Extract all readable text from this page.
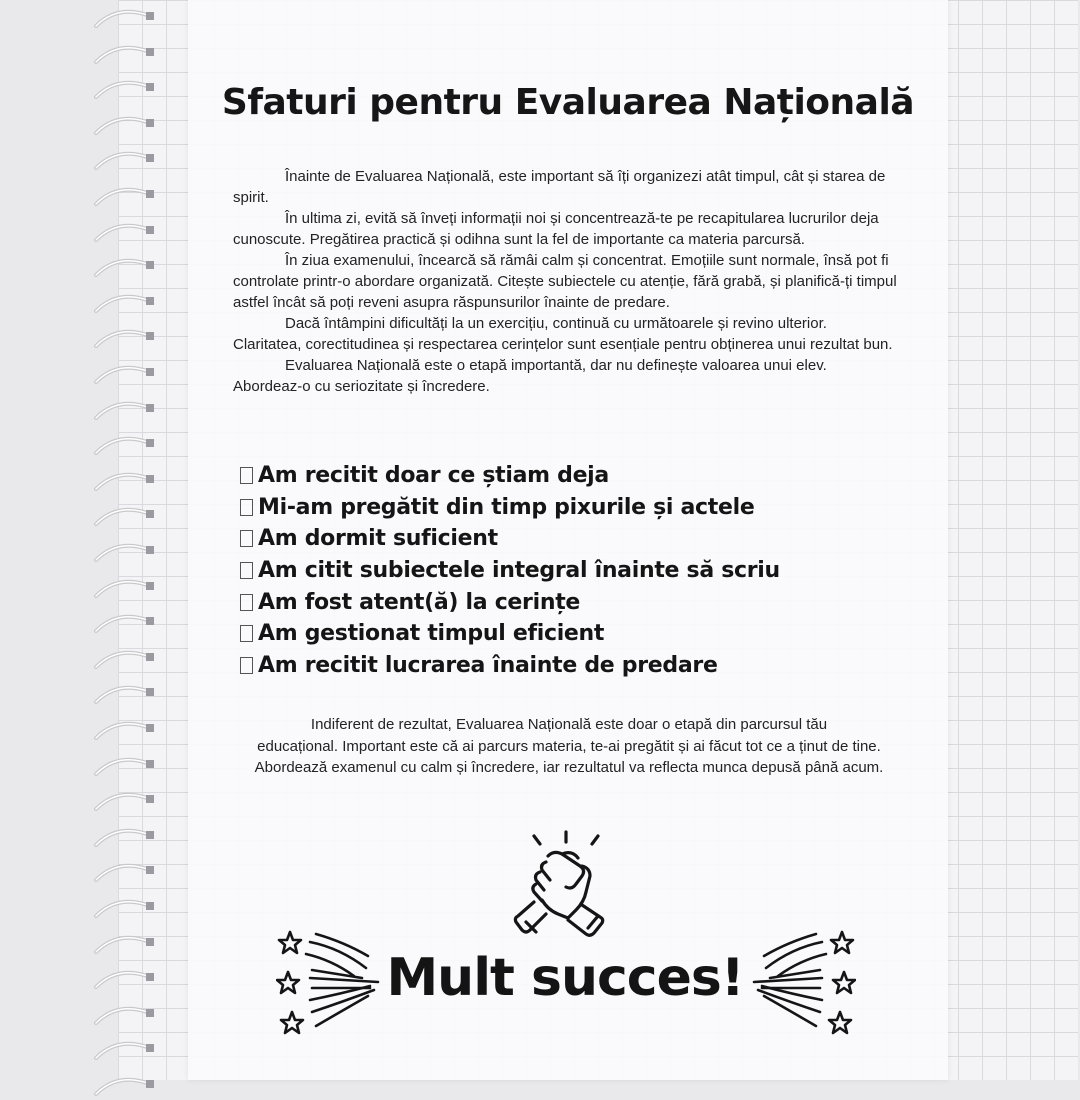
Sfaturi pentru Evaluarea Națională

Înainte de Evaluarea Națională, este important să îți organizezi atât timpul, cât și starea de spirit.

În ultima zi, evită să înveți informații noi și concentrează-te pe recapitularea lucrurilor deja cunoscute. Pregătirea practică și odihna sunt la fel de importante ca materia parcursă.

În ziua examenului, încearcă să rămâi calm și concentrat. Emoțiile sunt normale, însă pot fi controlate printr-o abordare organizată. Citește subiectele cu atenție, fără grabă, și planifică-ți timpul astfel încât să poți reveni asupra răspunsurilor înainte de predare.

Dacă întâmpini dificultăți la un exercițiu, continuă cu următoarele și revino ulterior. Claritatea, corectitudinea și respectarea cerințelor sunt esențiale pentru obținerea unui rezultat bun.

Evaluarea Națională este o etapă importantă, dar nu definește valoarea unui elev. Abordeaz-o cu seriozitate și încredere.

Am recitit doar ce știam deja
Mi-am pregătit din timp pixurile și actele
Am dormit suficient
Am citit subiectele integral înainte să scriu
Am fost atent(ă) la cerințe
Am gestionat timpul eficient
Am recitit lucrarea înainte de predare
Indiferent de rezultat, Evaluarea Națională este doar o etapă din parcursul tău
educațional. Important este că ai parcurs materia, te-ai pregătit și ai făcut tot ce a ținut de tine.
Abordează examenul cu calm și încredere, iar rezultatul va reflecta munca depusă până acum.
Mult succes!
